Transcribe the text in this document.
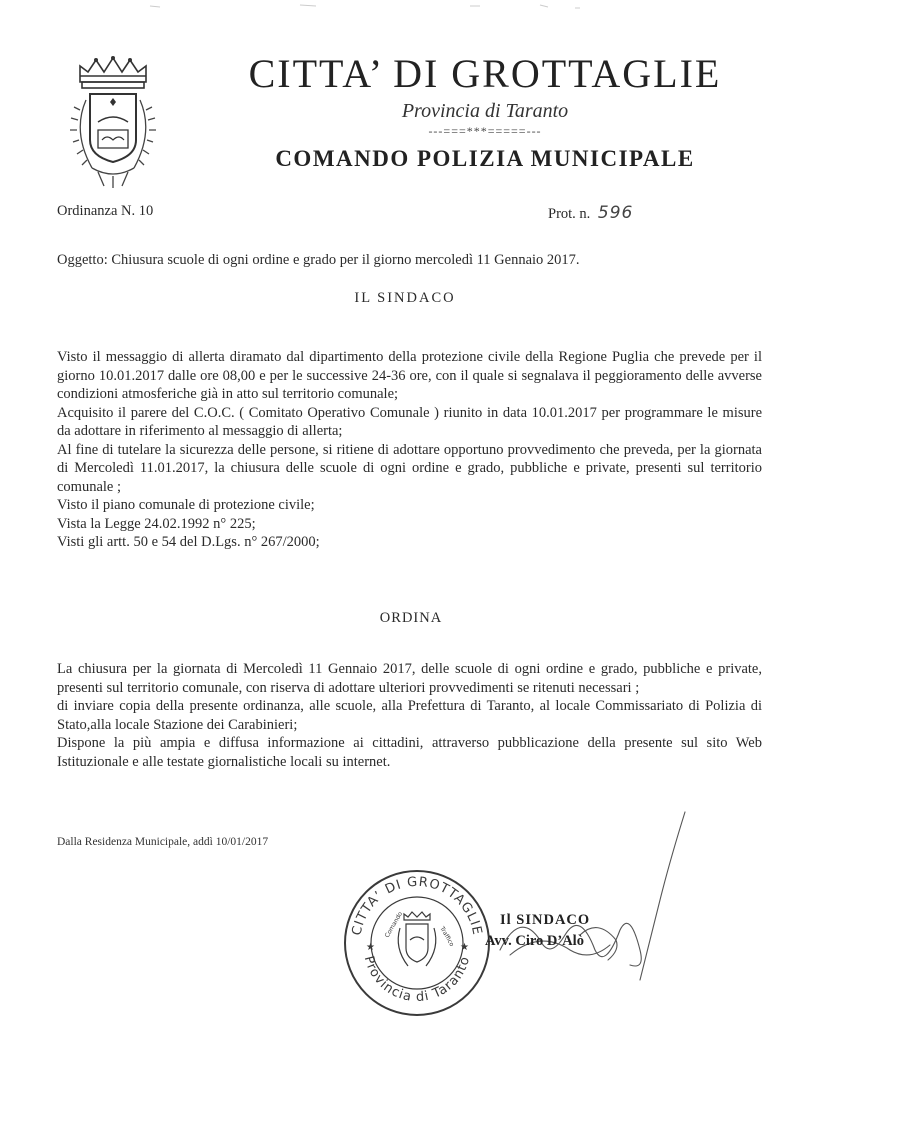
CITTA’ DI GROTTAGLIE
Provincia di Taranto
---===***=====---
COMANDO POLIZIA MUNICIPALE
Ordinanza N. 10	Prot. n. 596
Oggetto: Chiusura scuole di ogni ordine e grado per il giorno mercoledì 11 Gennaio 2017.
IL SINDACO

Visto il messaggio di allerta diramato dal dipartimento della protezione civile della Regione Puglia che prevede per il giorno 10.01.2017 dalle ore 08,00 e per le successive 24-36 ore, con il quale si segnalava il peggioramento delle avverse condizioni atmosferiche già in atto sul territorio comunale;

Acquisito il parere del C.O.C. ( Comitato Operativo Comunale ) riunito in data 10.01.2017 per programmare le misure da adottare in riferimento al messaggio di allerta;

Al fine di tutelare la sicurezza delle persone, si ritiene di adottare opportuno provvedimento che preveda, per la giornata di Mercoledì 11.01.2017, la chiusura delle scuole di ogni ordine e grado, pubbliche e private, presenti sul territorio comunale ;

Visto il piano comunale di protezione civile;

Vista la Legge 24.02.1992 n° 225;

Visti gli artt. 50 e 54 del D.Lgs. n° 267/2000;

ORDINA

La chiusura per la giornata di Mercoledì 11 Gennaio 2017, delle scuole di ogni ordine e grado, pubbliche e private, presenti sul territorio comunale, con riserva di adottare ulteriori provvedimenti se ritenuti necessari ;

di inviare copia della presente ordinanza, alle scuole, alla Prefettura di Taranto, al locale Commissariato di Polizia di Stato,alla locale Stazione dei Carabinieri;

Dispone la più ampia e diffusa informazione ai cittadini, attraverso pubblicazione della presente sul sito Web Istituzionale e alle testate giornalistiche locali su internet.

Dalla Residenza Municipale, addì 10/01/2017
CITTA’ DI GROTTAGLIE
Provincia di Taranto
★	★
Comando	Traffico
Il SINDACO
Avv. Ciro D’Alò
